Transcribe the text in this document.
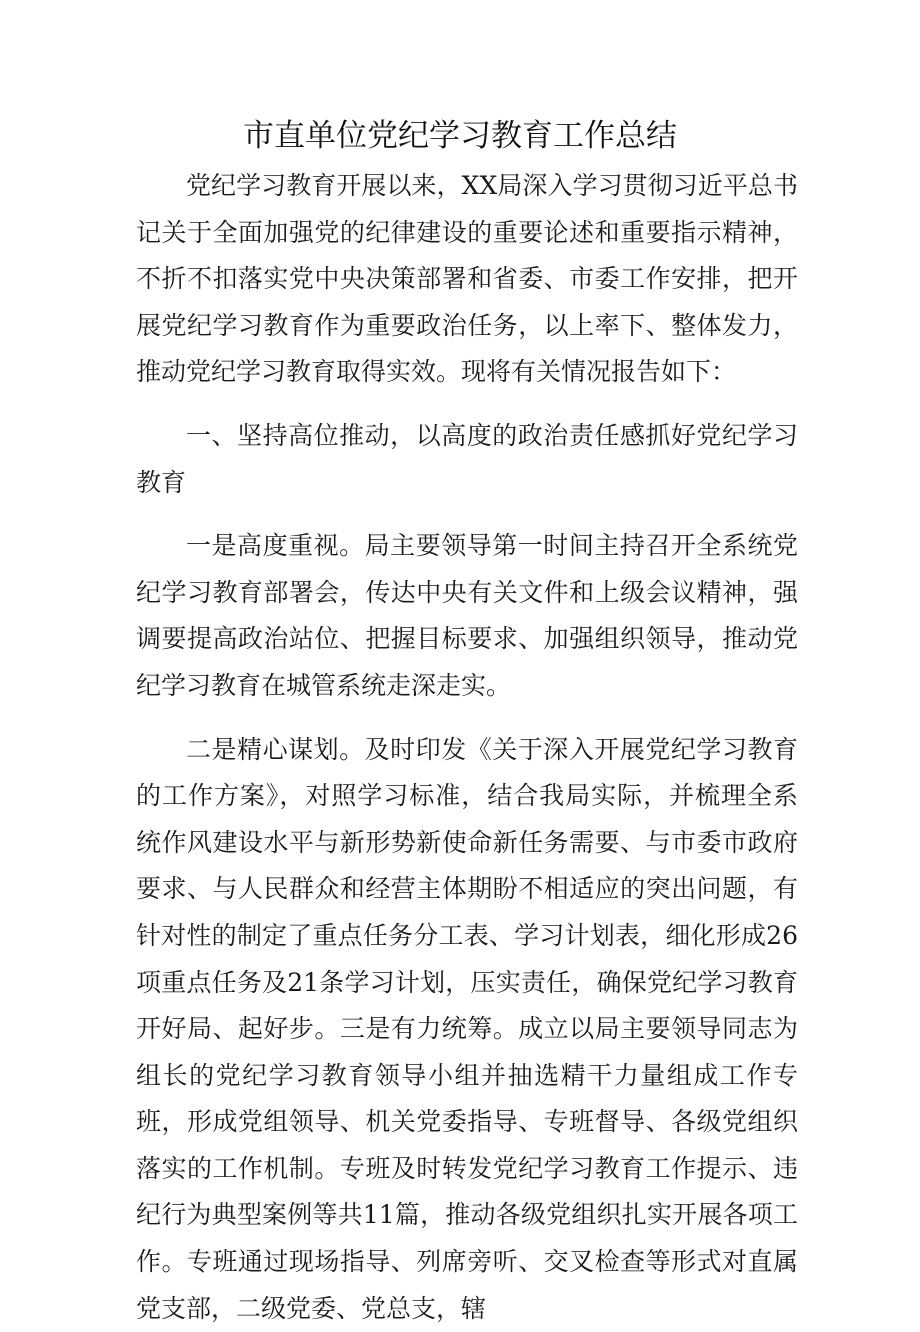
市直单位党纪学习教育工作总结

党纪学习教育开展以来，XX局深入学习贯彻习近平总书记关于全面加强党的纪律建设的重要论述和重要指示精神，不折不扣落实党中央决策部署和省委、市委工作安排，把开展党纪学习教育作为重要政治任务，以上率下、整体发力，推动党纪学习教育取得实效。现将有关情况报告如下：

一、坚持高位推动，以高度的政治责任感抓好党纪学习教育

一是高度重视。局主要领导第一时间主持召开全系统党纪学习教育部署会，传达中央有关文件和上级会议精神，强调要提高政治站位、把握目标要求、加强组织领导，推动党纪学习教育在城管系统走深走实。

二是精心谋划。及时印发《关于深入开展党纪学习教育的工作方案》，对照学习标准，结合我局实际，并梳理全系统作风建设水平与新形势新使命新任务需要、与市委市政府要求、与人民群众和经营主体期盼不相适应的突出问题，有针对性的制定了重点任务分工表、学习计划表，细化形成26项重点任务及21条学习计划，压实责任，确保党纪学习教育开好局、起好步。三是有力统筹。成立以局主要领导同志为组长的党纪学习教育领导小组并抽选精干力量组成工作专班，形成党组领导、机关党委指导、专班督导、各级党组织落实的工作机制。专班及时转发党纪学习教育工作提示、违纪行为典型案例等共11篇，推动各级党组织扎实开展各项工作。专班通过现场指导、列席旁听、交叉检查等形式对直属党支部，二级党委、党总支，辖
